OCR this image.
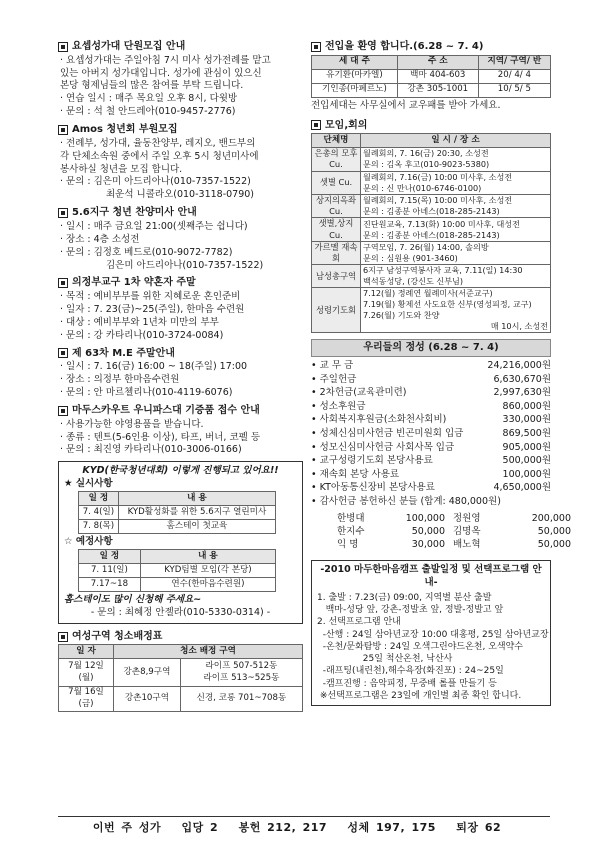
요셉성가대 단원모집 안내
· 요셉성가대는 주일아침 7시 미사 성가전례를 맡고
있는 아버지 성가대입니다. 성가에 관심이 있으신
본당 형제님들의 많은 참여를 부탁 드립니다.
· 연습 일시 : 매주 목요일 오후 8시, 다윗방
· 문의 : 석 철 안드레아(010-9457-2776)
Amos 청년회 부원모집
· 전례부, 성가대, 율동찬양부, 레지오, 밴드부의
각 단체소속원 중에서 주일 오후 5시 청년미사에
봉사하실 청년을 모집 합니다.
· 문의 : 김은미 아드리아나(010-7357-1522)
최운석 니콜라오(010-3118-0790)
5.6지구 청년 찬양미사 안내
· 일시 : 매주 금요일 21:00(셋째주는 쉽니다)
· 장소 : 4층 소성전
· 문의 : 김정호 베드로(010-9072-7782)
김은미 아드리아나(010-7357-1522)
의정부교구 1차 약혼자 주말
· 목적 : 예비부부를 위한 지혜로운 혼인준비
· 일자 : 7. 23(금)~25(주일), 한마음 수련원
· 대상 : 예비부부와 1년차 미만의 부부
· 문의 : 강 카타리나(010-3724-0084)
제 63차 M.E 주말안내
· 일시 : 7. 16(금) 16:00 ~ 18(주일) 17:00
· 장소 : 의정부 한마음수련원
· 문의 : 안 마르첼리나(010-4119-6076)
마두스카우트 우니파스대 기증품 접수 안내
· 사용가능한 야영용품을 받습니다.
· 종류 : 텐트(5-6인용 이상), 타프, 버너, 코펠 등
· 문의 : 최진영 카타리나(010-3006-0166)
KYD(한국청년대회) 이렇게 진행되고 있어요!!
★ 실시사항
일 정	내 용
7. 4(일)	KYD활성화를 위한 5.6지구 열린미사
7. 8(목)	홈스테이 첫교육
☆ 예정사항
일 정	내 용
7. 11(일)	KYD팀별 모임(각 본당)
7.17~18	연수(한마음수련원)
홈스테이도 많이 신청해 주세요~
- 문의 : 최혜정 안젤라(010-5330-0314) -
여성구역 청소배정표
일 자	청소 배정 구역	
7월 12일(월)	강촌8,9구역	라이프 507-512동
라이프 513~525동
7월 16일(금)	강촌10구역	신경, 코롱 701~708동
전입을 환영 합니다.(6.28 ~ 7. 4)
세 대 주	주 소	지역/ 구역/ 반
유기환(마카엘)	백마 404-603	20/ 4/ 4
기인종(마페르노)	강촌 305-1001	10/ 5/ 5
전입세대는 사무실에서 교우패를 받아 가세요.
모임,회의
단체명	일 시 / 장 소
은총의 모후 Cu.	월례회의, 7. 16(금) 20:30, 소성전
문의 : 김옥 후고(010-9023-5380)

셋별 Cu.	월례회의, 7.16(금) 10:00 미사후, 소성전
문의 : 신 만나(010-6746-0100)

상지의옥좌 Cu.	월례회의, 7.15(목) 10:00 미사후, 소성전
문의 : 김종분 아녜스(018-285-2143)

샛별,상지 Cu.	진단원교육, 7.13(화) 10:00 미사후, 대성전
문의 : 김종분 아녜스(018-285-2143)

가르멜 재속회	구역모임, 7. 26(월) 14:00, 솔의방
문의 : 심원용 (901-3460)

남성총구역	6지구 남성구역봉사자 교육, 7.11(일) 14:30
백석동성당, (강신도 신부님)

성령기도회	7.12(월) 정례연 월례미사(서준교구)
7.19(월) 황제선 사도요한 신부(영성피정, 교구)
7.26(월) 기도와 찬양
매 10시, 소성전
우리들의 정성 (6.28 ~ 7. 4)
• 교 무 금	24,216,000원
• 주일헌금	6,630,670원
• 2차헌금(교육관미련)	2,997,630원
• 성소후원금	860,000원
• 사회복지후원금(소화천사회비)	330,000원
• 성체신심미사헌금 빈곤미원회 입금	869,500원
• 성모신심미사헌금 사회사목 입금	905,000원
• 교구성령기도회 본당사용료	500,000원
• 재속회 본당 사용료	100,000원
• KT아동통신장비 본당사용료	4,650,000원
• 감사헌금 봉헌하신 분들 (합계: 480,000원)
한병대	100,000 정원영	200,000
한지수	50,000 김명옥	50,000
익 명	30,000 배노혁	50,000
-2010 마두한마음캠프 출발일정 및 선택프로그램 안내-
1. 출발 : 7.23(금) 09:00, 지역별 분산 출발
백마-성당 앞, 강촌-정발초 앞, 정발-정발고 앞
2. 선택프로그램 안내
-산행 : 24일 삼아년교장 10:00 대홍평, 25일 삼아년교장
-온천/문화탐방 : 24일 오색그린야드온천, 오색약수
25일 척산온천, 낙산사
-래프팅(내린천),해수욕장(화진포) : 24~25일
-캠프진행 : 음악피정, 무중배 롤플 만들기 등
※선택프로그램은 23일에 개인별 최종 확인 합니다.
이번 주 성가 입당 2 봉헌 212, 217 성체 197, 175 퇴장 62
